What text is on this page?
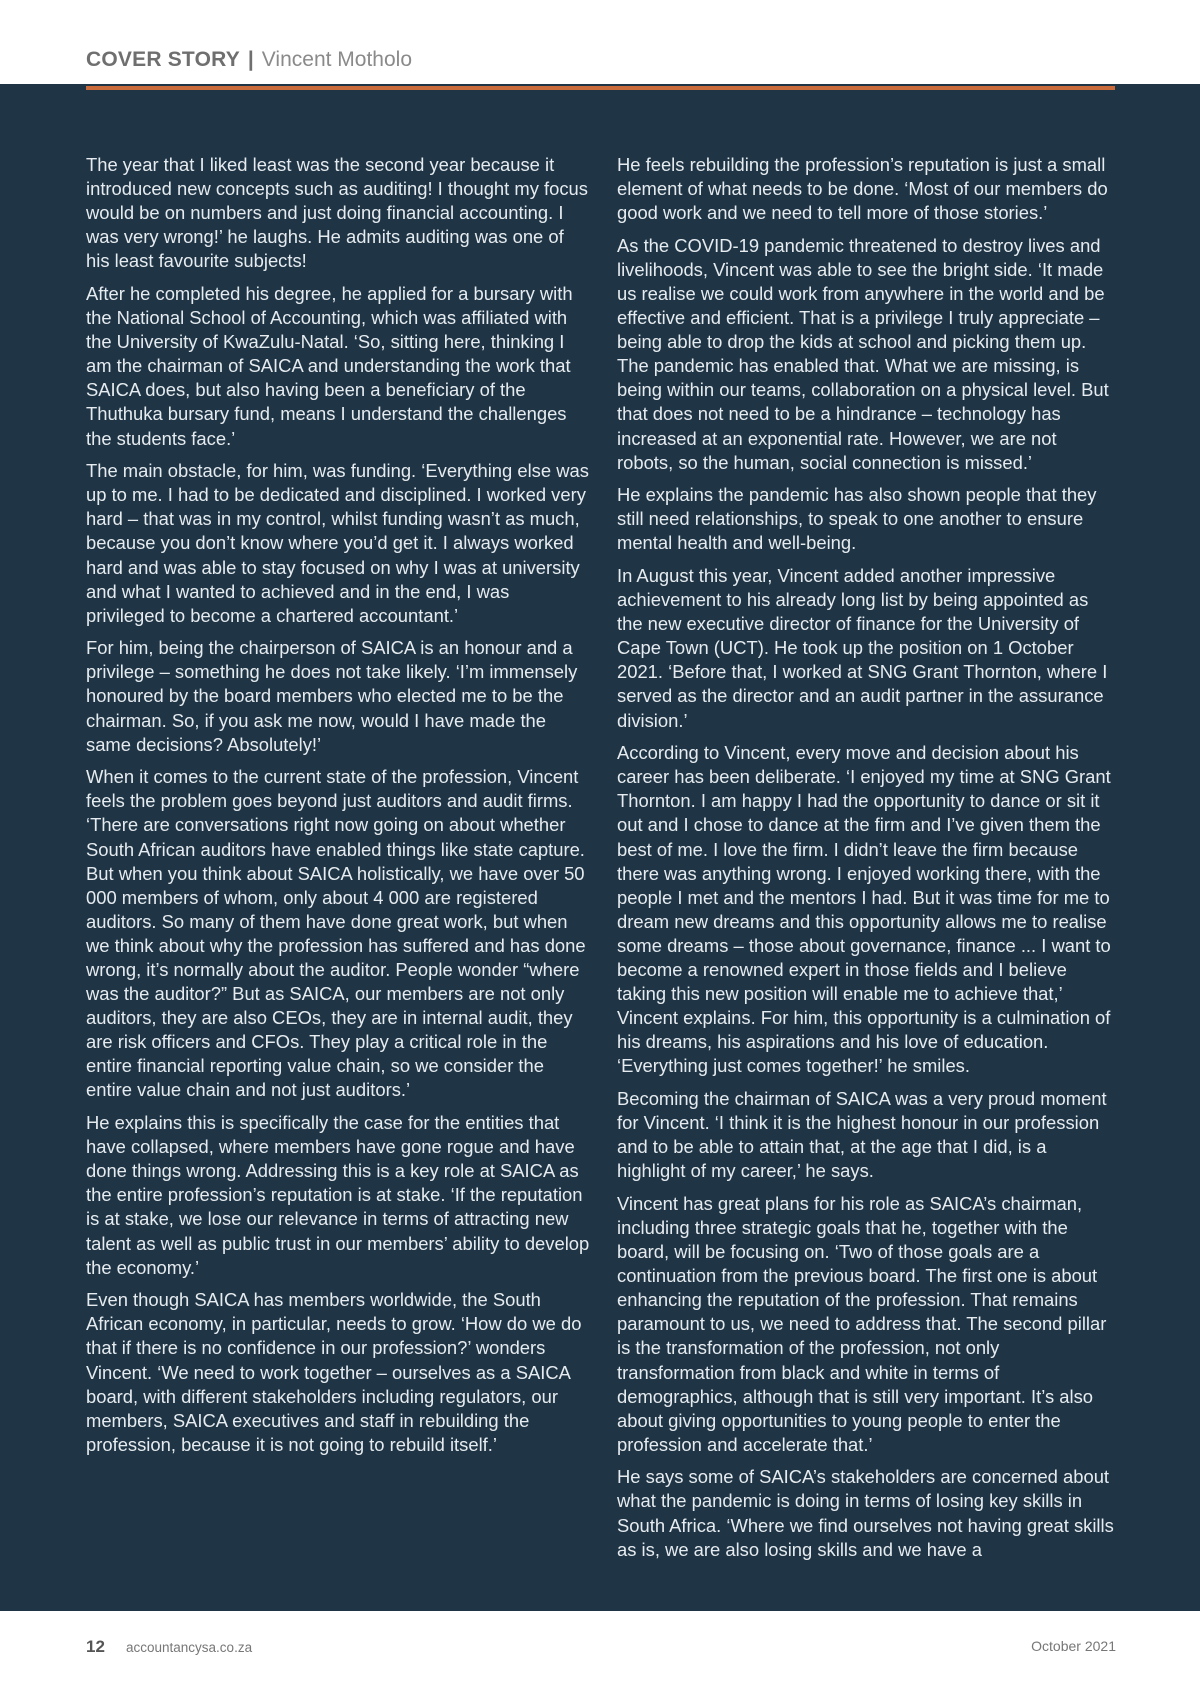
COVER STORY | Vincent Motholo

The year that I liked least was the second year because it introduced new concepts such as auditing! I thought my focus would be on numbers and just doing financial accounting. I was very wrong!’ he laughs. He admits auditing was one of his least favourite subjects!

After he completed his degree, he applied for a bursary with the National School of Accounting, which was affiliated with the University of KwaZulu-Natal. ‘So, sitting here, thinking I am the chairman of SAICA and understanding the work that SAICA does, but also having been a beneficiary of the Thuthuka bursary fund, means I understand the challenges the students face.’

The main obstacle, for him, was funding. ‘Everything else was up to me. I had to be dedicated and disciplined. I worked very hard – that was in my control, whilst funding wasn’t as much, because you don’t know where you’d get it. I always worked hard and was able to stay focused on why I was at university and what I wanted to achieved and in the end, I was privileged to become a chartered accountant.’

For him, being the chairperson of SAICA is an honour and a privilege – something he does not take likely. ‘I’m immensely honoured by the board members who elected me to be the chairman. So, if you ask me now, would I have made the same decisions? Absolutely!’

When it comes to the current state of the profession, Vincent feels the problem goes beyond just auditors and audit firms. ‘There are conversations right now going on about whether South African auditors have enabled things like state capture. But when you think about SAICA holistically, we have over 50 000 members of whom, only about 4 000 are registered auditors. So many of them have done great work, but when we think about why the profession has suffered and has done wrong, it’s normally about the auditor. People wonder “where was the auditor?” But as SAICA, our members are not only auditors, they are also CEOs, they are in internal audit, they are risk officers and CFOs. They play a critical role in the entire financial reporting value chain, so we consider the entire value chain and not just auditors.’

He explains this is specifically the case for the entities that have collapsed, where members have gone rogue and have done things wrong. Addressing this is a key role at SAICA as the entire profession’s reputation is at stake. ‘If the reputation is at stake, we lose our relevance in terms of attracting new talent as well as public trust in our members’ ability to develop the economy.’

Even though SAICA has members worldwide, the South African economy, in particular, needs to grow. ‘How do we do that if there is no confidence in our profession?’ wonders Vincent. ‘We need to work together – ourselves as a SAICA board, with different stakeholders including regulators, our members, SAICA executives and staff in rebuilding the profession, because it is not going to rebuild itself.’

He feels rebuilding the profession’s reputation is just a small element of what needs to be done. ‘Most of our members do good work and we need to tell more of those stories.’

As the COVID-19 pandemic threatened to destroy lives and livelihoods, Vincent was able to see the bright side. ‘It made us realise we could work from anywhere in the world and be effective and efficient. That is a privilege I truly appreciate – being able to drop the kids at school and picking them up. The pandemic has enabled that. What we are missing, is being within our teams, collaboration on a physical level. But that does not need to be a hindrance – technology has increased at an exponential rate. However, we are not robots, so the human, social connection is missed.’

He explains the pandemic has also shown people that they still need relationships, to speak to one another to ensure mental health and well-being.

In August this year, Vincent added another impressive achievement to his already long list by being appointed as the new executive director of finance for the University of Cape Town (UCT). He took up the position on 1 October 2021. ‘Before that, I worked at SNG Grant Thornton, where I served as the director and an audit partner in the assurance division.’

According to Vincent, every move and decision about his career has been deliberate. ‘I enjoyed my time at SNG Grant Thornton. I am happy I had the opportunity to dance or sit it out and I chose to dance at the firm and I’ve given them the best of me. I love the firm. I didn’t leave the firm because there was anything wrong. I enjoyed working there, with the people I met and the mentors I had. But it was time for me to dream new dreams and this opportunity allows me to realise some dreams – those about governance, finance ... I want to become a renowned expert in those fields and I believe taking this new position will enable me to achieve that,’ Vincent explains. For him, this opportunity is a culmination of his dreams, his aspirations and his love of education. ‘Everything just comes together!’ he smiles.

Becoming the chairman of SAICA was a very proud moment for Vincent. ‘I think it is the highest honour in our profession and to be able to attain that, at the age that I did, is a highlight of my career,’ he says.

Vincent has great plans for his role as SAICA’s chairman, including three strategic goals that he, together with the board, will be focusing on. ‘Two of those goals are a continuation from the previous board. The first one is about enhancing the reputation of the profession. That remains paramount to us, we need to address that. The second pillar is the transformation of the profession, not only transformation from black and white in terms of demographics, although that is still very important. It’s also about giving opportunities to young people to enter the profession and accelerate that.’

He says some of SAICA’s stakeholders are concerned about what the pandemic is doing in terms of losing key skills in South Africa. ‘Where we find ourselves not having great skills as is, we are also losing skills and we have a

12 accountancysa.co.za	October 2021
